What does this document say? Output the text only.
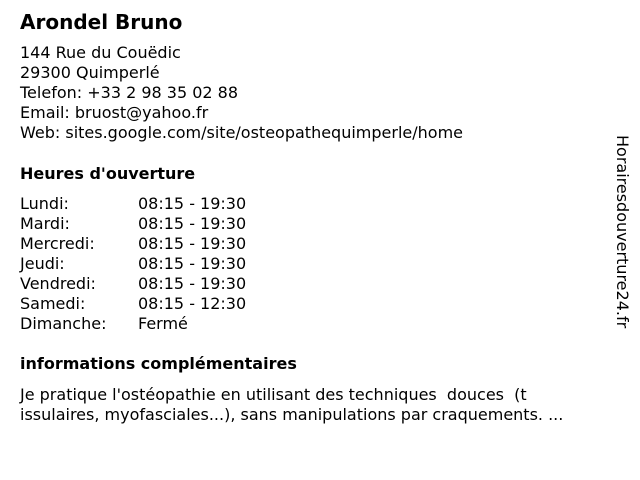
Arondel Bruno
144 Rue du Couëdic
29300 Quimperlé
Telefon: +33 2 98 35 02 88
Email: bruost@yahoo.fr
Web: sites.google.com/site/osteopathequimperle/home
Heures d'ouverture
Lundi:	08:15 - 19:30
Mardi:	08:15 - 19:30
Mercredi:	08:15 - 19:30
Jeudi:	08:15 - 19:30
Vendredi:	08:15 - 19:30
Samedi:	08:15 - 12:30
Dimanche:	Fermé
informations complémentaires

Je pratique l'ostéopathie en utilisant des techniques  douces  (t
issulaires, myofasciales...), sans manipulations par craquements. ...

Horairesdouverture24.fr
